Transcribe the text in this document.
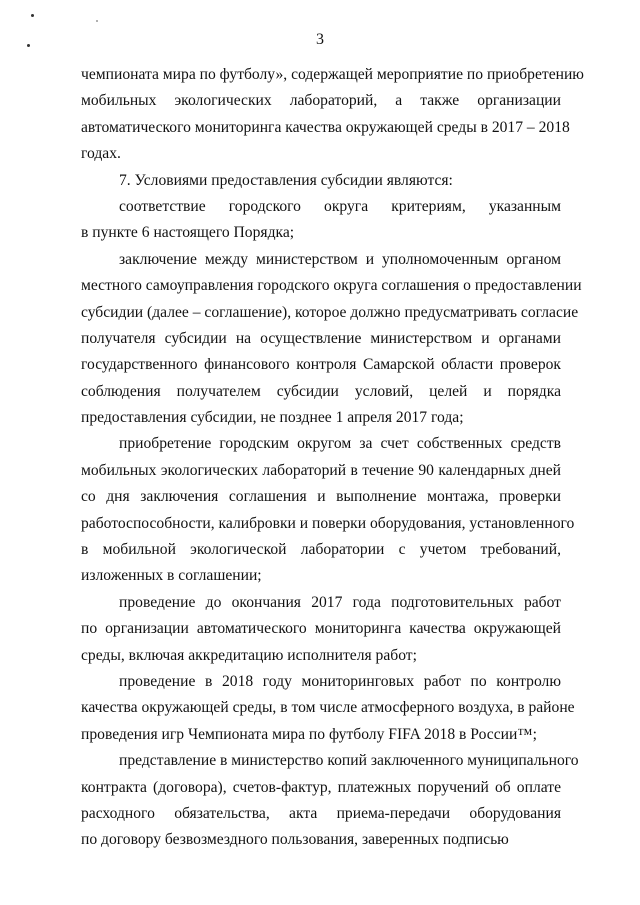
3
чемпионата мира по футболу», содержащей мероприятие по приобретению
мобильных экологических лабораторий, а также организации
автоматического мониторинга качества окружающей среды в 2017 – 2018
годах.
7. Условиями предоставления субсидии являются:
соответствие городского округа критериям, указанным
в пункте 6 настоящего Порядка;
заключение между министерством и уполномоченным органом
местного самоуправления городского округа соглашения о предоставлении
субсидии (далее – соглашение), которое должно предусматривать согласие
получателя субсидии на осуществление министерством и органами
государственного финансового контроля Самарской области проверок
соблюдения получателем субсидии условий, целей и порядка
предоставления субсидии, не позднее 1 апреля 2017 года;
приобретение городским округом за счет собственных средств
мобильных экологических лабораторий в течение 90 календарных дней
со дня заключения соглашения и выполнение монтажа, проверки
работоспособности, калибровки и поверки оборудования, установленного
в мобильной экологической лаборатории с учетом требований,
изложенных в соглашении;
проведение до окончания 2017 года подготовительных работ
по организации автоматического мониторинга качества окружающей
среды, включая аккредитацию исполнителя работ;
проведение в 2018 году мониторинговых работ по контролю
качества окружающей среды, в том числе атмосферного воздуха, в районе
проведения игр Чемпионата мира по футболу FIFA 2018 в России™;
представление в министерство копий заключенного муниципального
контракта (договора), счетов-фактур, платежных поручений об оплате
расходного обязательства, акта приема-передачи оборудования
по договору безвозмездного пользования, заверенных подписью
